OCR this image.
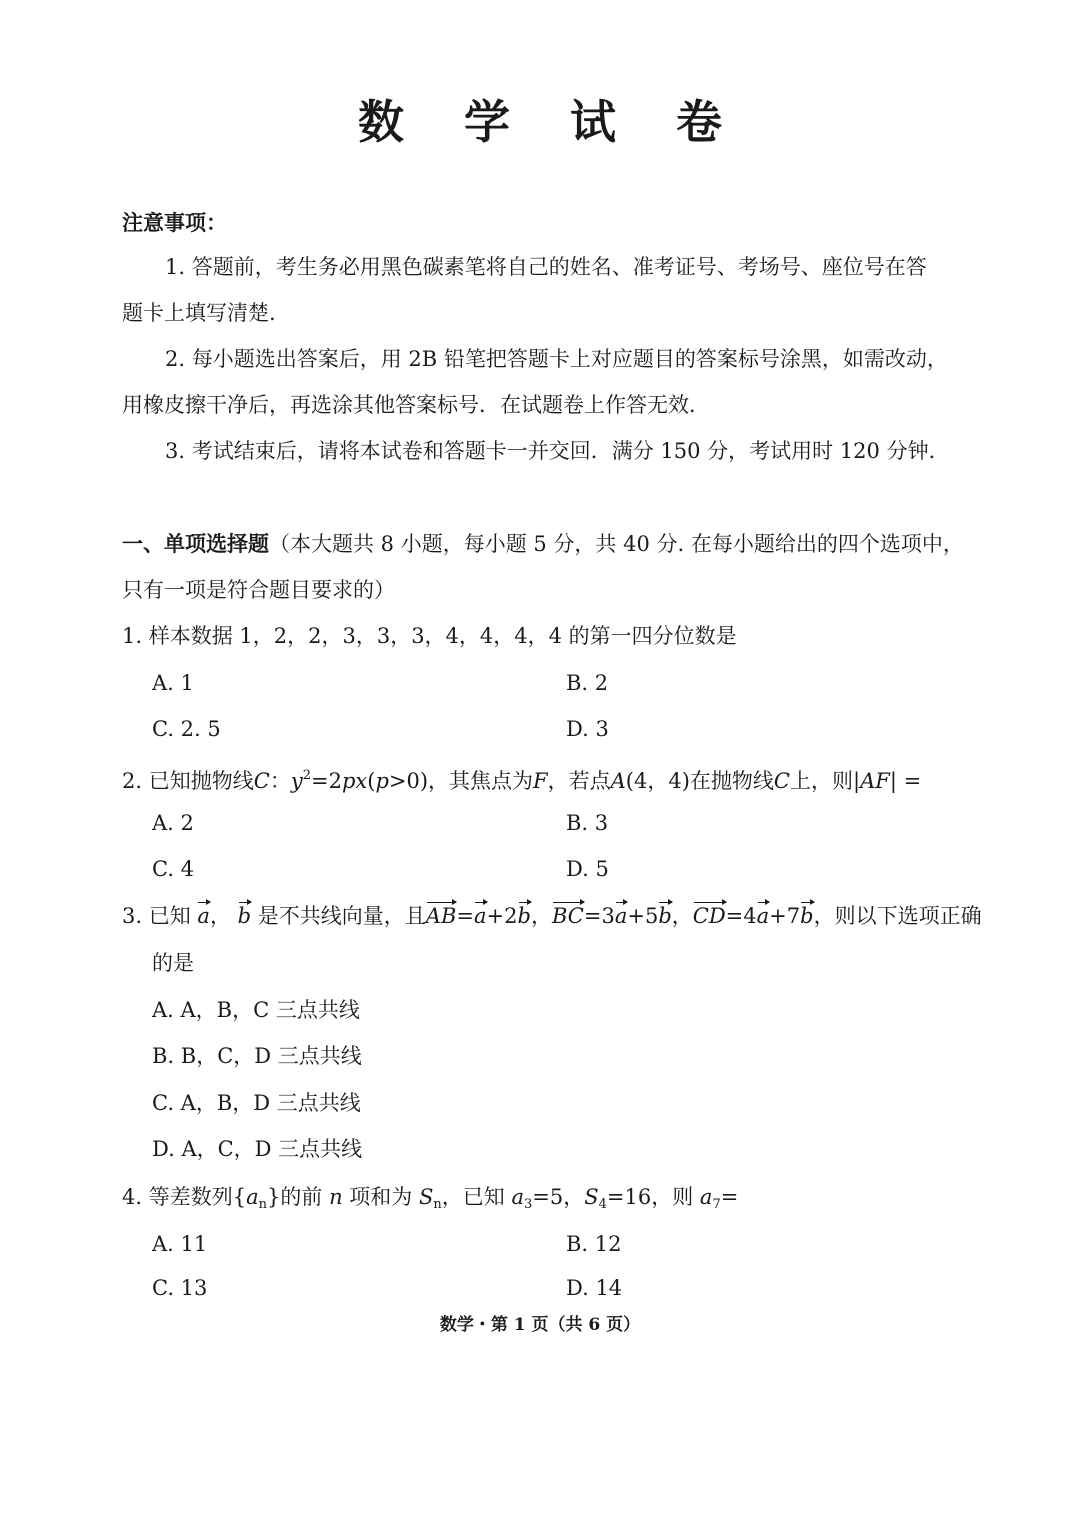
数 学 试 卷
注意事项：
1. 答题前，考生务必用黑色碳素笔将自己的姓名、准考证号、考场号、座位号在答
题卡上填写清楚.
2. 每小题选出答案后，用 2B 铅笔把答题卡上对应题目的答案标号涂黑，如需改动，
用橡皮擦干净后，再选涂其他答案标号．在试题卷上作答无效．
3. 考试结束后，请将本试卷和答题卡一并交回．满分 150 分，考试用时 120 分钟．
一、单项选择题（本大题共 8 小题，每小题 5 分，共 40 分. 在每小题给出的四个选项中，
只有一项是符合题目要求的）
1. 样本数据 1，2，2，3，3，3，4，4，4，4 的第一四分位数是
A. 1	B. 2
C. 2. 5	D. 3
2. 已知抛物线C：$y^2=2px(p>0)$，其焦点为F，若点A(4，4)在抛物线C上，则|AF| =
A. 2	B. 3
C. 4	D. 5
3. 已知 a， b 是不共线向量，且AB=a+2b，BC=3a+5b，CD=4a+7b，则以下选项正确
的是
A. A，B，C 三点共线
B. B，C，D 三点共线
C. A，B，D 三点共线
D. A，C，D 三点共线
4. 等差数列$\{a_n\}$的前 n 项和为 $S_n$，已知 $a_3=5$，$S_4=16$，则 $a_7=$
A. 11	B. 12
C. 13	D. 14
数学・第 1 页（共 6 页）
